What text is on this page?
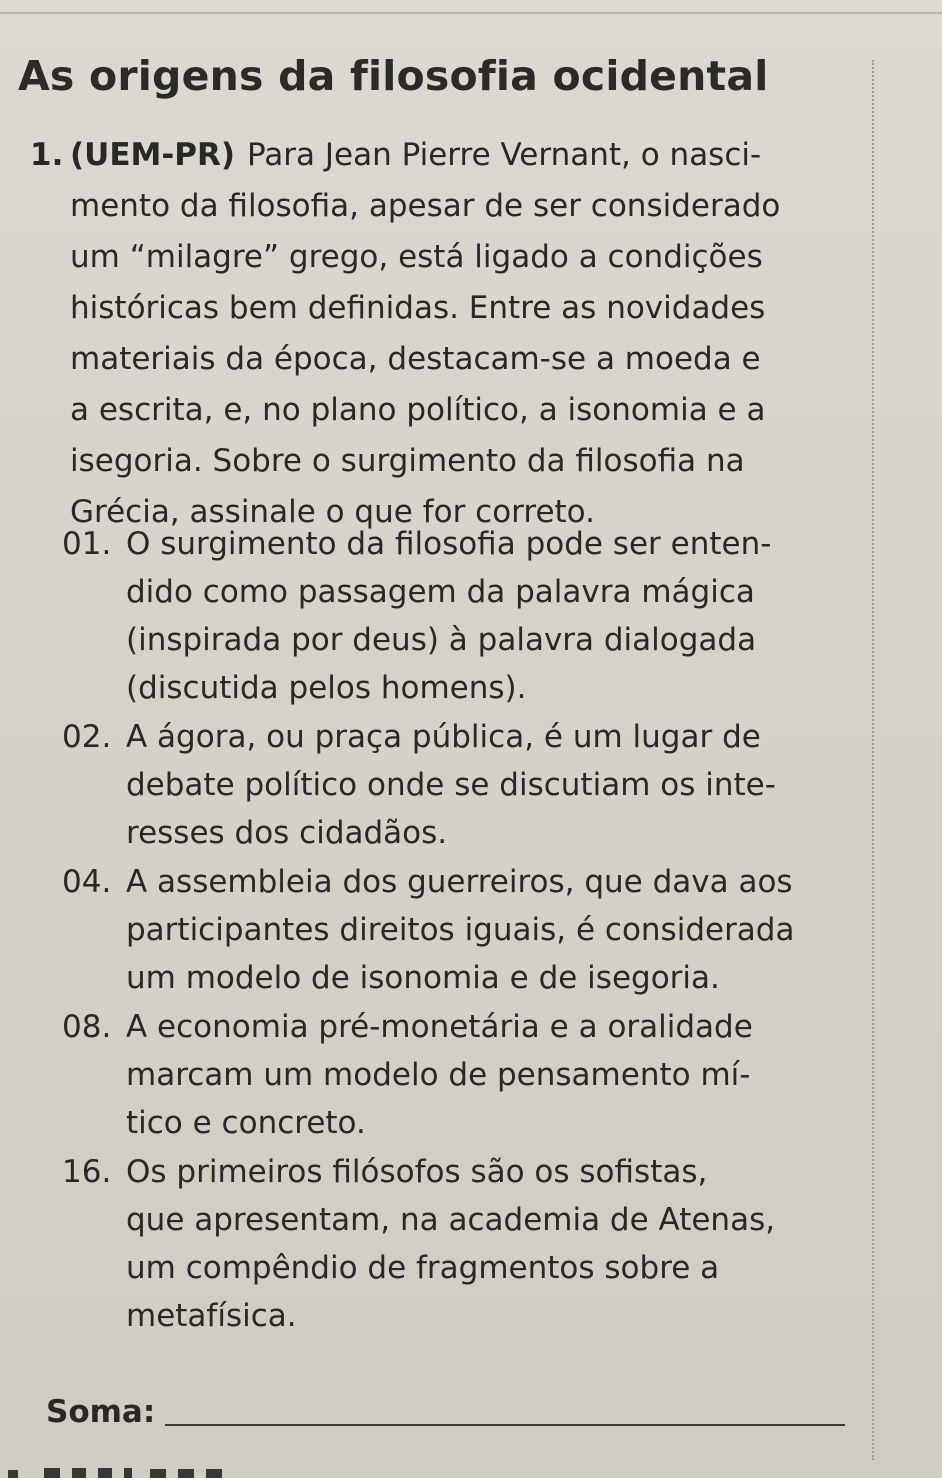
As origens da filosofia ocidental
1. (UEM-PR) Para Jean Pierre Vernant, o nasci-
mento da filosofia, apesar de ser considerado
um “milagre” grego, está ligado a condições
históricas bem definidas. Entre as novidades
materiais da época, destacam-se a moeda e
a escrita, e, no plano político, a isonomia e a
isegoria. Sobre o surgimento da filosofia na
Grécia, assinale o que for correto.
01. O surgimento da filosofia pode ser enten-
dido como passagem da palavra mágica
(inspirada por deus) à palavra dialogada
(discutida pelos homens).
02. A ágora, ou praça pública, é um lugar de
debate político onde se discutiam os inte-
resses dos cidadãos.
04. A assembleia dos guerreiros, que dava aos
participantes direitos iguais, é considerada
um modelo de isonomia e de isegoria.
08. A economia pré-monetária e a oralidade
marcam um modelo de pensamento mí-
tico e concreto.
16. Os primeiros filósofos são os sofistas,
que apresentam, na academia de Atenas,
um compêndio de fragmentos sobre a
metafísica.
Soma:
